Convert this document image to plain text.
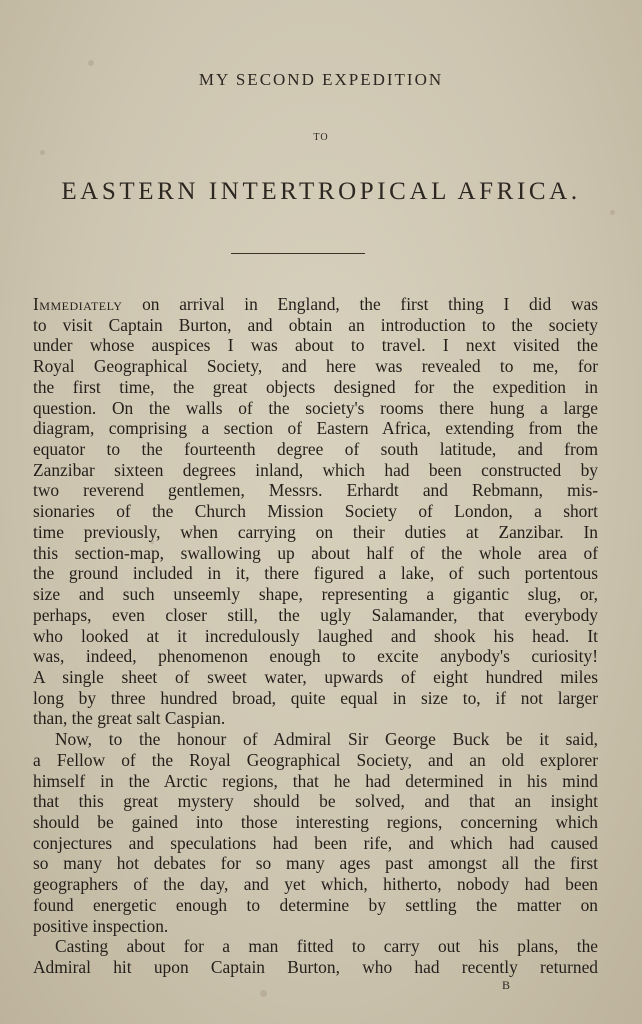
MY SECOND EXPEDITION
TO
EASTERN INTERTROPICAL AFRICA.
Immediately on arrival in England, the first thing I did was
to visit Captain Burton, and obtain an introduction to the society
under whose auspices I was about to travel. I next visited the
Royal Geographical Society, and here was revealed to me, for
the first time, the great objects designed for the expedition in
question. On the walls of the society's rooms there hung a large
diagram, comprising a section of Eastern Africa, extending from the
equator to the fourteenth degree of south latitude, and from
Zanzibar sixteen degrees inland, which had been constructed by
two reverend gentlemen, Messrs. Erhardt and Rebmann, mis-
sionaries of the Church Mission Society of London, a short
time previously, when carrying on their duties at Zanzibar. In
this section-map, swallowing up about half of the whole area of
the ground included in it, there figured a lake, of such portentous
size and such unseemly shape, representing a gigantic slug, or,
perhaps, even closer still, the ugly Salamander, that everybody
who looked at it incredulously laughed and shook his head. It
was, indeed, phenomenon enough to excite anybody's curiosity!
A single sheet of sweet water, upwards of eight hundred miles
long by three hundred broad, quite equal in size to, if not larger
than, the great salt Caspian.
Now, to the honour of Admiral Sir George Buck be it said,
a Fellow of the Royal Geographical Society, and an old explorer
himself in the Arctic regions, that he had determined in his mind
that this great mystery should be solved, and that an insight
should be gained into those interesting regions, concerning which
conjectures and speculations had been rife, and which had caused
so many hot debates for so many ages past amongst all the first
geographers of the day, and yet which, hitherto, nobody had been
found energetic enough to determine by settling the matter on
positive inspection.
Casting about for a man fitted to carry out his plans, the
Admiral hit upon Captain Burton, who had recently returned
B
